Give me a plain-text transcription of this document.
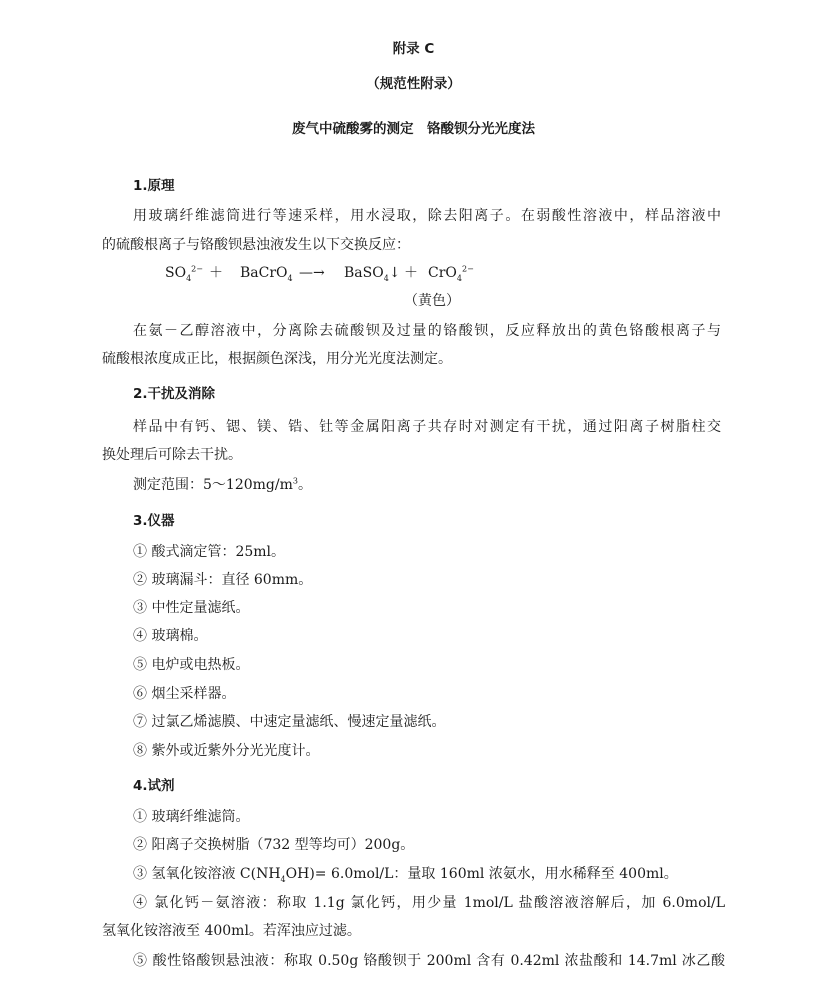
附录 C
（规范性附录）
废气中硫酸雾的测定　铬酸钡分光光度法
1.原理
用玻璃纤维滤筒进行等速采样，用水浸取，除去阳离子。在弱酸性溶液中，样品溶液中
的硫酸根离子与铬酸钡悬浊液发生以下交换反应：
$SO_4^{2-}$ ＋ BaCrO$_4$ —→ BaSO$_4$↓ ＋ CrO$_4^{2-}$
（黄色）
在氨－乙醇溶液中，分离除去硫酸钡及过量的铬酸钡，反应释放出的黄色铬酸根离子与
硫酸根浓度成正比，根据颜色深浅，用分光光度法测定。
2.干扰及消除
样品中有钙、锶、镁、锆、钍等金属阳离子共存时对测定有干扰，通过阳离子树脂柱交
换处理后可除去干扰。
测定范围：$5\sim 120mg/m^3$。
3.仪器
① 酸式滴定管：25ml。
② 玻璃漏斗：直径 60mm。
③ 中性定量滤纸。
④ 玻璃棉。
⑤ 电炉或电热板。
⑥ 烟尘采样器。
⑦ 过氯乙烯滤膜、中速定量滤纸、慢速定量滤纸。
⑧ 紫外或近紫外分光光度计。
4.试剂
① 玻璃纤维滤筒。
② 阳离子交换树脂（732 型等均可）200g。
③ 氢氧化铵溶液 $C(NH_4OH)= 6.0mol/L$：量取 160ml 浓氨水，用水稀释至 400ml。
④ 氯化钙－氨溶液：称取 1.1g 氯化钙，用少量 1mol/L 盐酸溶液溶解后，加 6.0mol/L
氢氧化铵溶液至 400ml。若浑浊应过滤。
⑤ 酸性铬酸钡悬浊液：称取 0.50g 铬酸钡于 200ml 含有 0.42ml 浓盐酸和 14.7ml 冰乙酸
